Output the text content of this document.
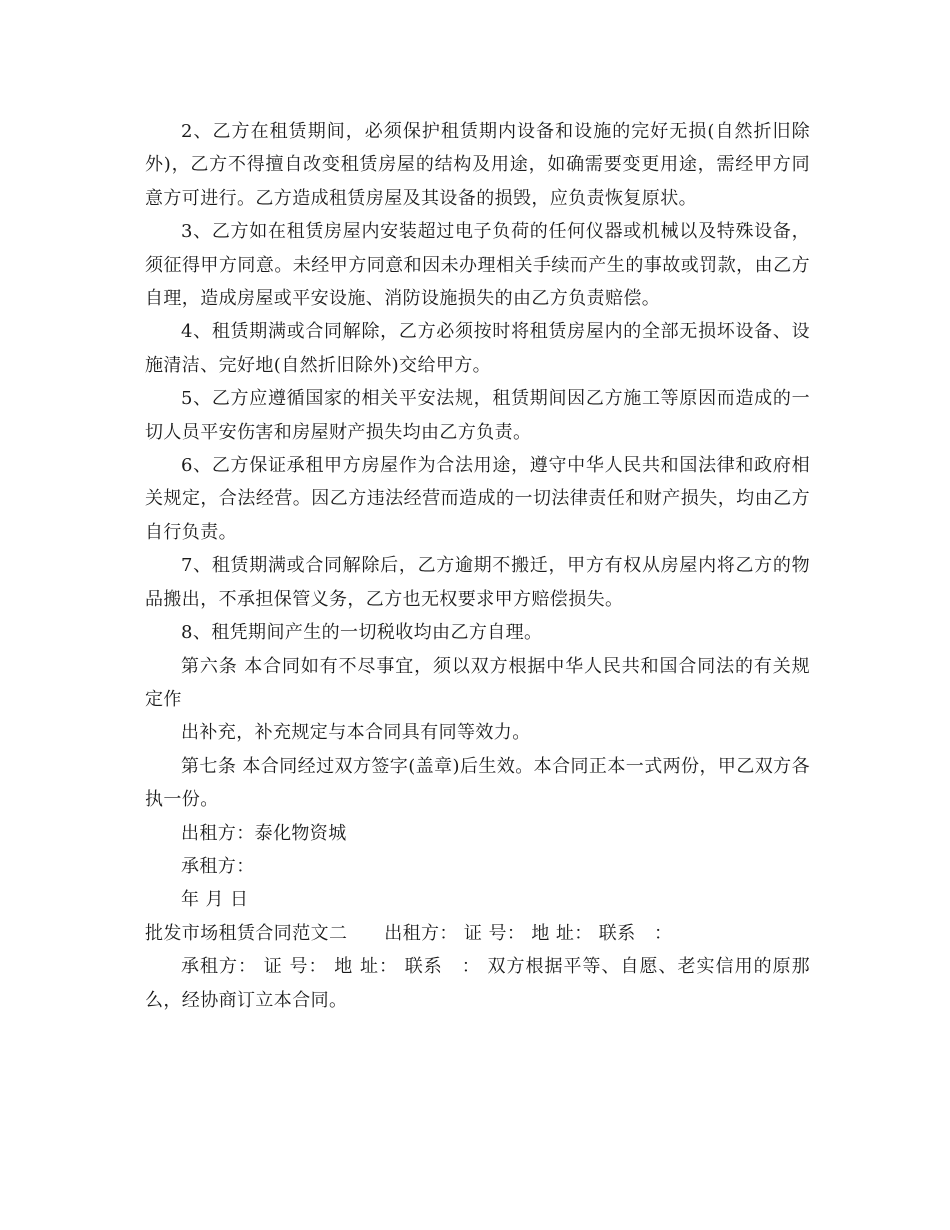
2、乙方在租赁期间，必须保护租赁期内设备和设施的完好无损(自然折旧除外)，乙方不得擅自改变租赁房屋的结构及用途，如确需要变更用途，需经甲方同意方可进行。乙方造成租赁房屋及其设备的损毁，应负责恢复原状。

3、乙方如在租赁房屋内安装超过电子负荷的任何仪器或机械以及特殊设备，须征得甲方同意。未经甲方同意和因未办理相关手续而产生的事故或罚款，由乙方自理，造成房屋或平安设施、消防设施损失的由乙方负责赔偿。

4、租赁期满或合同解除，乙方必须按时将租赁房屋内的全部无损坏设备、设施清洁、完好地(自然折旧除外)交给甲方。

5、乙方应遵循国家的相关平安法规，租赁期间因乙方施工等原因而造成的一切人员平安伤害和房屋财产损失均由乙方负责。

6、乙方保证承租甲方房屋作为合法用途，遵守中华人民共和国法律和政府相关规定，合法经营。因乙方违法经营而造成的一切法律责任和财产损失，均由乙方自行负责。

7、租赁期满或合同解除后，乙方逾期不搬迁，甲方有权从房屋内将乙方的物品搬出，不承担保管义务，乙方也无权要求甲方赔偿损失。

8、租凭期间产生的一切税收均由乙方自理。

第六条 本合同如有不尽事宜，须以双方根据中华人民共和国合同法的有关规定作

出补充，补充规定与本合同具有同等效力。

第七条 本合同经过双方签字(盖章)后生效。本合同正本一式两份，甲乙双方各执一份。

出租方：泰化物资城

承租方：

年 月 日

批发市场租赁合同范文二　　出租方： 证 号： 地 址： 联系　：

承租方： 证 号： 地 址： 联系　： 双方根据平等、自愿、老实信用的原那么，经协商订立本合同。
